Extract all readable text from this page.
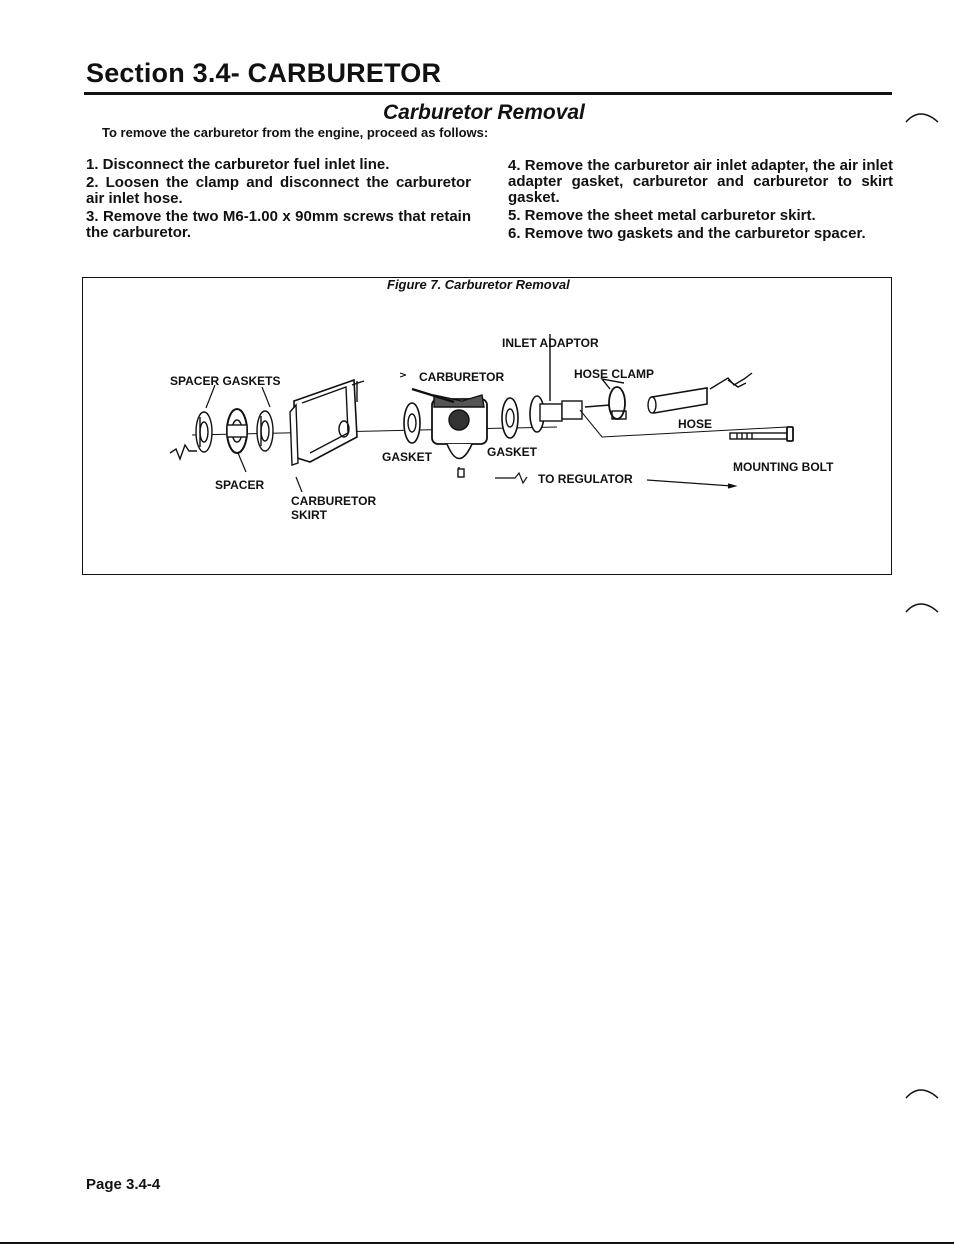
Section 3.4- CARBURETOR
Carburetor Removal

To remove the carburetor from the engine, proceed as follows:

1. Disconnect the carburetor fuel inlet line.
2. Loosen the clamp and disconnect the carburetor air inlet hose.
3. Remove the two M6-1.00 x 90mm screws that retain the carburetor.
4. Remove the carburetor air inlet adapter, the air inlet adapter gasket, carburetor and carburetor to skirt gasket.
5. Remove the sheet metal carburetor skirt.
6. Remove two gaskets and the carburetor spacer.

Figure 7. Carburetor Removal

INLET ADAPTOR
SPACER GASKETS	CARBURETOR	HOSE CLAMP
HOSE
GASKET	GASKET
MOUNTING BOLT
SPACER	TO REGULATOR
CARBURETOR
SKIRT

Page 3.4-4
